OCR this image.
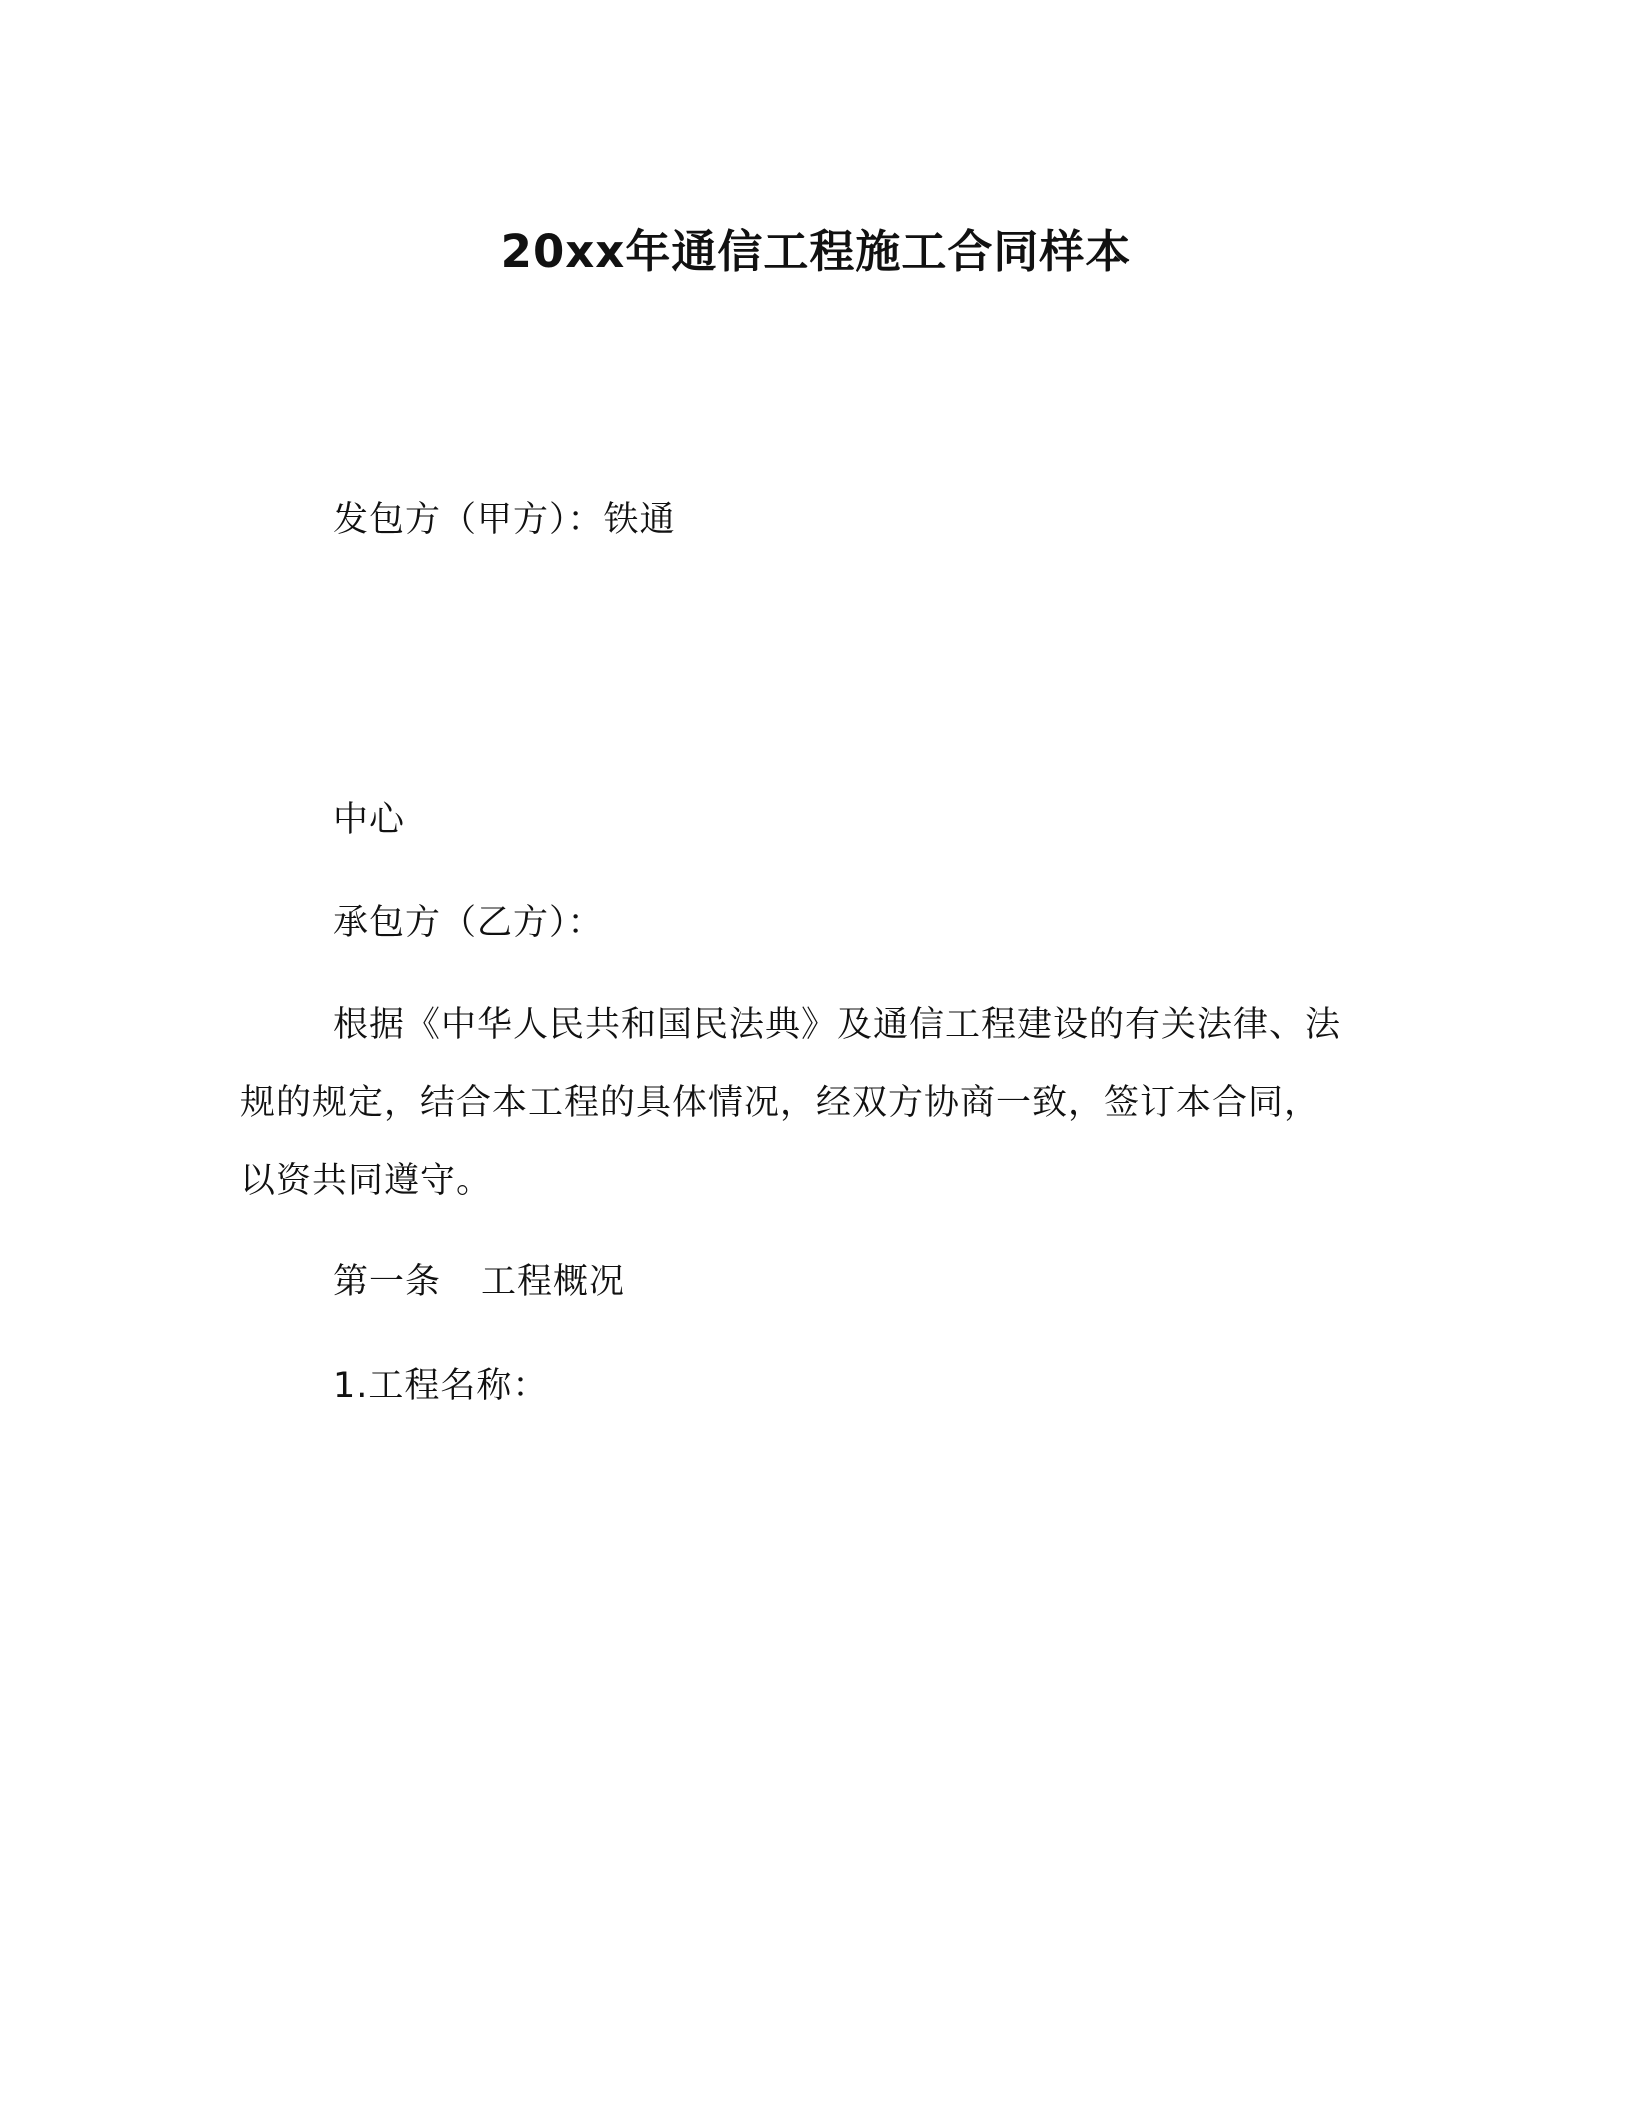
20xx年通信工程施工合同样本
发包方（甲方）：铁通
中心
承包方（乙方）：
根据《中华人民共和国民法典》及通信工程建设的有关法律、法
规的规定，结合本工程的具体情况，经双方协商一致，签订本合同，
以资共同遵守。
第一条 工程概况
1.工程名称：
